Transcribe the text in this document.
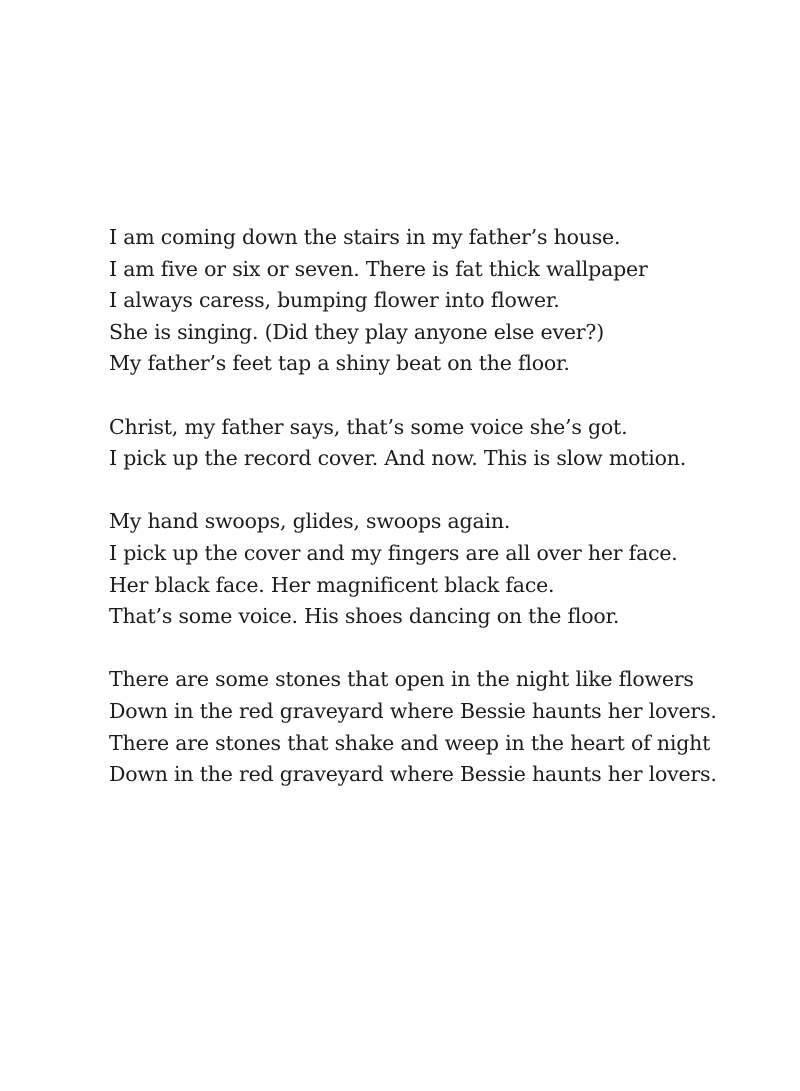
I am coming down the stairs in my father’s house.
I am five or six or seven. There is fat thick wallpaper
I always caress, bumping flower into flower.
She is singing. (Did they play anyone else ever?)
My father’s feet tap a shiny beat on the floor.
Christ, my father says, that’s some voice she’s got.
I pick up the record cover. And now. This is slow motion.
My hand swoops, glides, swoops again.
I pick up the cover and my fingers are all over her face.
Her black face. Her magnificent black face.
That’s some voice. His shoes dancing on the floor.
There are some stones that open in the night like flowers
Down in the red graveyard where Bessie haunts her lovers.
There are stones that shake and weep in the heart of night
Down in the red graveyard where Bessie haunts her lovers.
